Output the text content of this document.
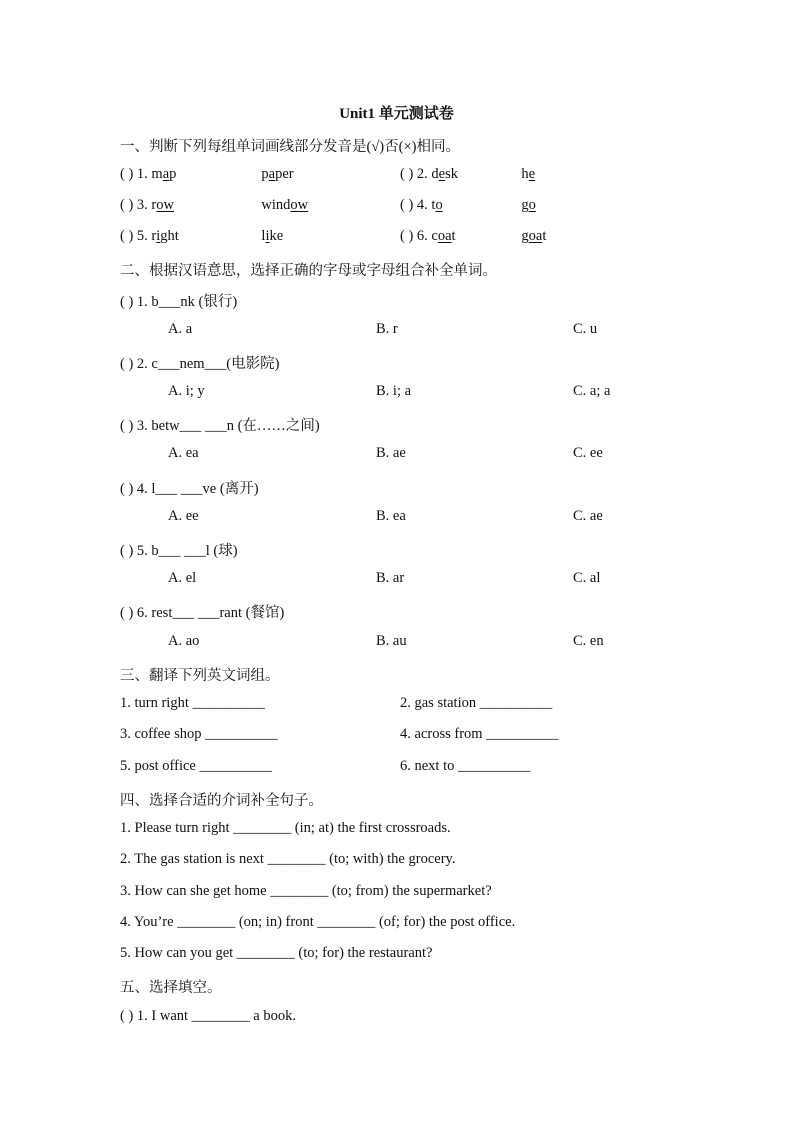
Unit1 单元测试卷
一、判断下列每组单词画线部分发音是(√)否(×)相同。
( ) 1. map	paper	( ) 2. desk	he
( ) 3. row	window	( ) 4. to	go
( ) 5. right	like	( ) 6. coat	goat
二、根据汉语意思，选择正确的字母或字母组合补全单词。
( ) 1. b___nk (银行)
A. a	B. r	C. u
( ) 2. c___nem___(电影院)
A. i; y	B. i; a	C. a; a
( ) 3. betw___ ___n (在……之间)
A. ea	B. ae	C. ee
( ) 4. l___ ___ve (离开)
A. ee	B. ea	C. ae
( ) 5. b___ ___l (球)
A. el	B. ar	C. al
( ) 6. rest___ ___rant (餐馆)
A. ao	B. au	C. en
三、翻译下列英文词组。
1. turn right __________	2. gas station __________
3. coffee shop __________	4. across from __________
5. post office __________	6. next to __________
四、选择合适的介词补全句子。
1. Please turn right ________ (in; at) the first crossroads.
2. The gas station is next ________ (to; with) the grocery.
3. How can she get home ________ (to; from) the supermarket?
4. You’re ________ (on; in) front ________ (of; for) the post office.
5. How can you get ________ (to; for) the restaurant?
五、选择填空。
( ) 1. I want ________ a book.
